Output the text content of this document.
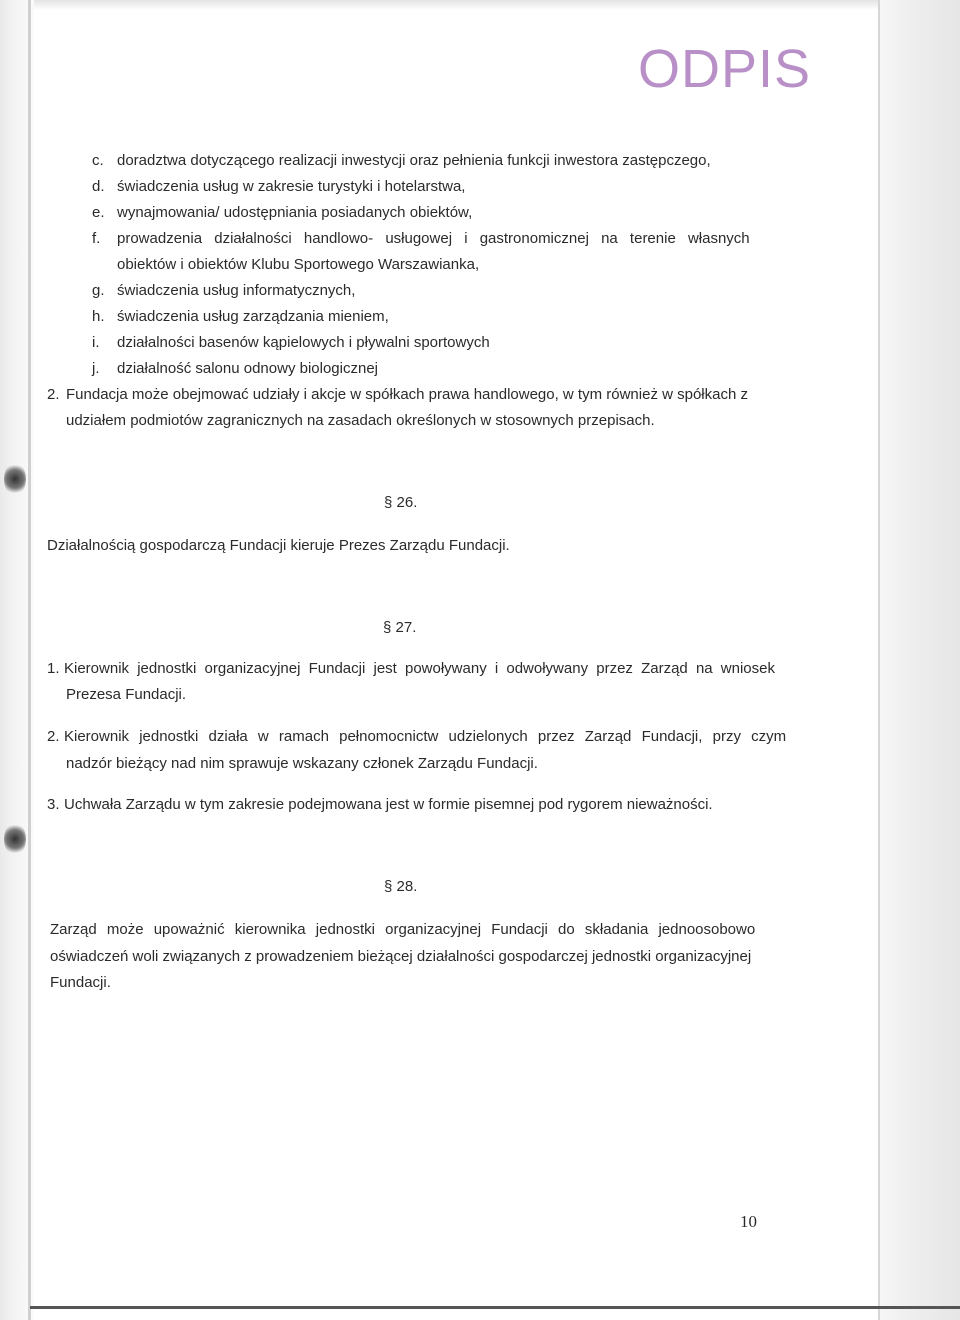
ODPIS
c. doradztwa dotyczącego realizacji inwestycji oraz pełnienia funkcji inwestora zastępczego,
d. świadczenia usług w zakresie turystyki i hotelarstwa,
e. wynajmowania/ udostępniania posiadanych obiektów,
f. prowadzenia działalności handlowo- usługowej i gastronomicznej na terenie własnych
obiektów i obiektów Klubu Sportowego Warszawianka,
g. świadczenia usług informatycznych,
h. świadczenia usług zarządzania mieniem,
i. działalności basenów kąpielowych i pływalni sportowych
j. działalność salonu odnowy biologicznej
2. Fundacja może obejmować udziały i akcje w spółkach prawa handlowego, w tym również w spółkach z
udziałem podmiotów zagranicznych na zasadach określonych w stosownych przepisach.
§ 26.
Działalnością gospodarczą Fundacji kieruje Prezes Zarządu Fundacji.
§ 27.
1. Kierownik jednostki organizacyjnej Fundacji jest powoływany i odwoływany przez Zarząd na wniosek
Prezesa Fundacji.
2. Kierownik jednostki działa w ramach pełnomocnictw udzielonych przez Zarząd Fundacji, przy czym
nadzór bieżący nad nim sprawuje wskazany członek Zarządu Fundacji.
3. Uchwała Zarządu w tym zakresie podejmowana jest w formie pisemnej pod rygorem nieważności.
§ 28.
Zarząd może upoważnić kierownika jednostki organizacyjnej Fundacji do składania jednoosobowo
oświadczeń woli związanych z prowadzeniem bieżącej działalności gospodarczej jednostki organizacyjnej
Fundacji.
10
